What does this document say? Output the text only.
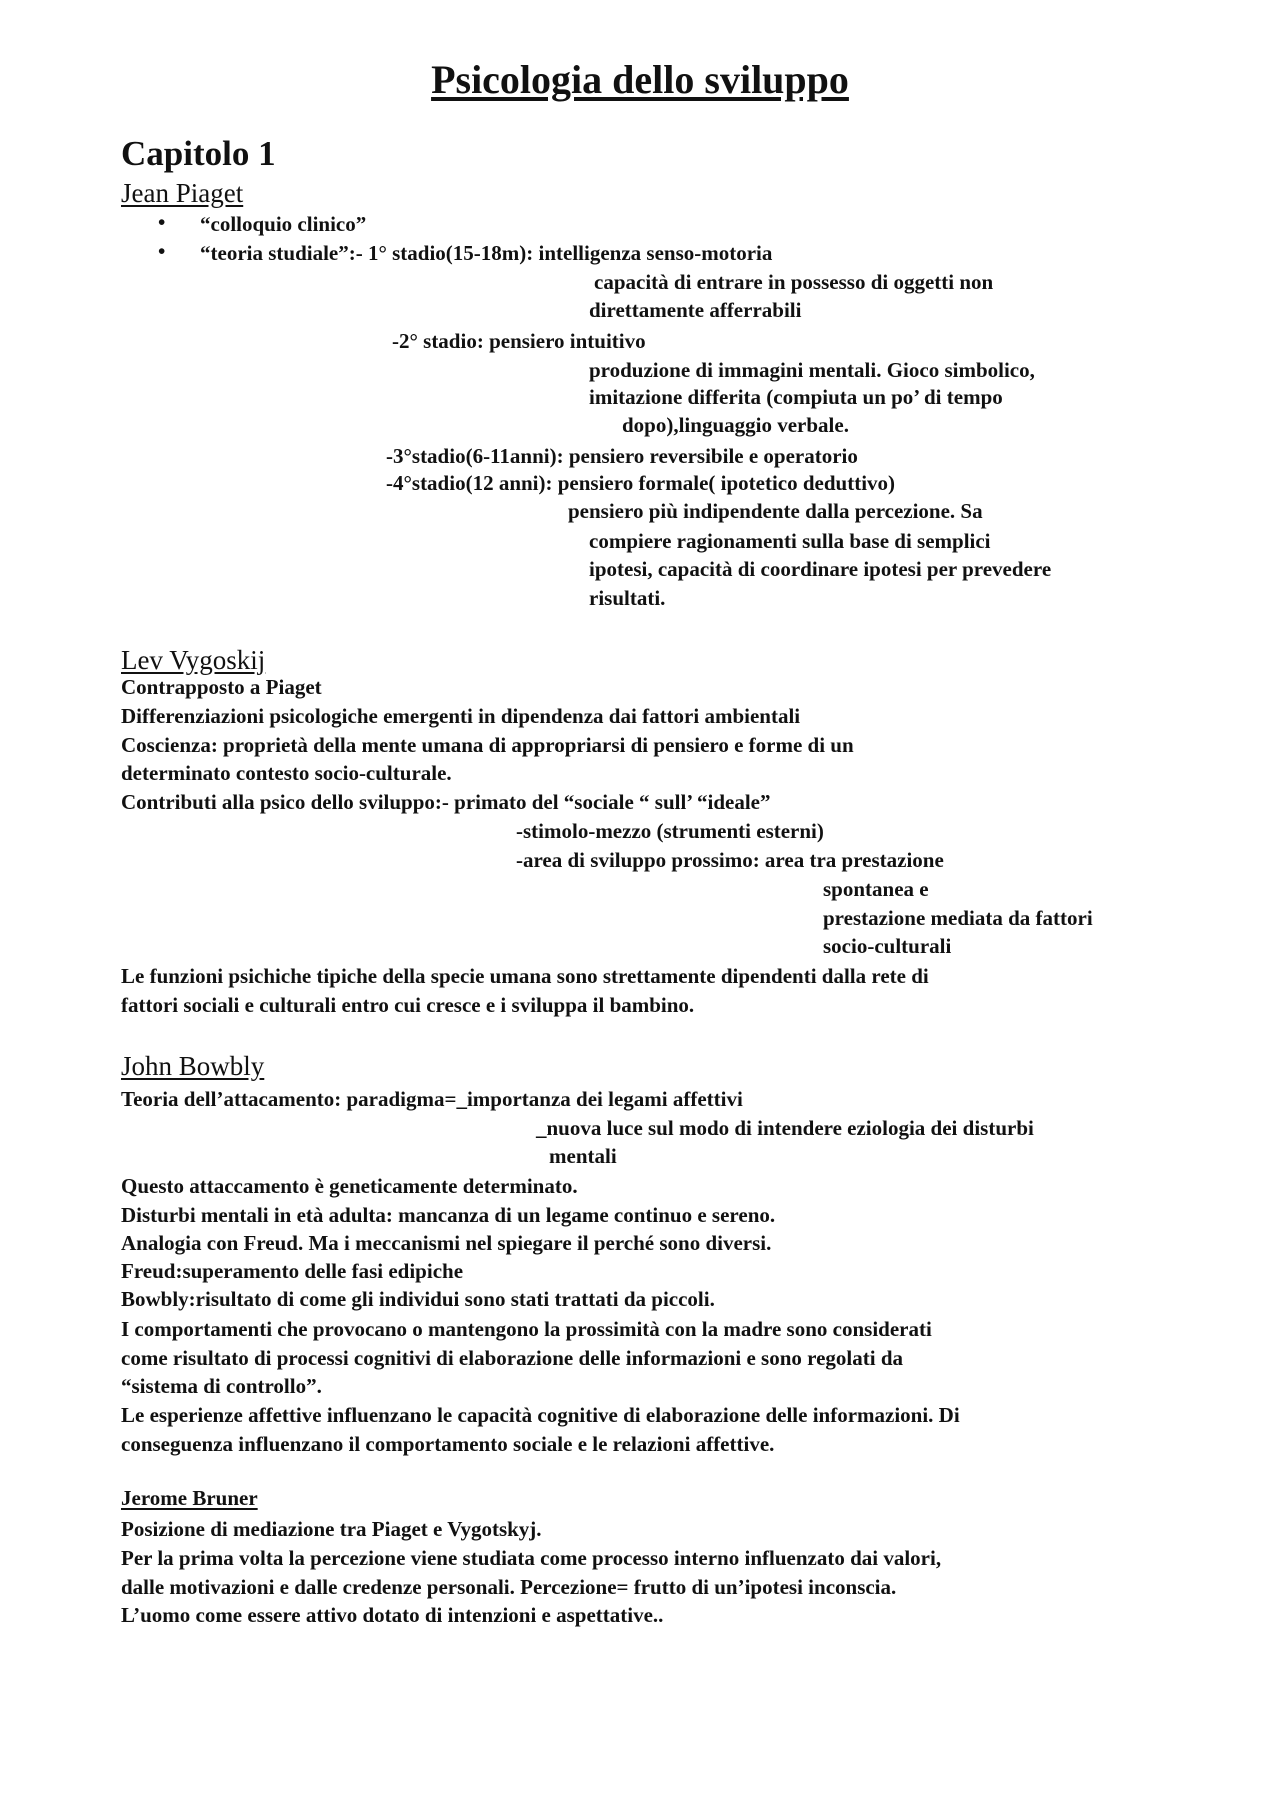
Psicologia dello sviluppo
Capitolo 1
Jean Piaget
• “colloquio clinico”
• “teoria studiale”:- 1° stadio(15-18m): intelligenza senso-motoria
capacità di entrare in possesso di oggetti non
direttamente afferrabili
-2° stadio: pensiero intuitivo
produzione di immagini mentali. Gioco simbolico,
imitazione differita (compiuta un po’ di tempo
dopo),linguaggio verbale.
-3°stadio(6-11anni): pensiero reversibile e operatorio
-4°stadio(12 anni): pensiero formale( ipotetico deduttivo)
pensiero più indipendente dalla percezione. Sa
compiere ragionamenti sulla base di semplici
ipotesi, capacità di coordinare ipotesi per prevedere
risultati.
Lev Vygoskij
Contrapposto a Piaget
Differenziazioni psicologiche emergenti in dipendenza dai fattori ambientali
Coscienza: proprietà della mente umana di appropriarsi di pensiero e forme di un
determinato contesto socio-culturale.
Contributi alla psico dello sviluppo:- primato del “sociale “ sull’ “ideale”
-stimolo-mezzo (strumenti esterni)
-area di sviluppo prossimo: area tra prestazione
spontanea e
prestazione mediata da fattori
socio-culturali
Le funzioni psichiche tipiche della specie umana sono strettamente dipendenti dalla rete di
fattori sociali e culturali entro cui cresce e i sviluppa il bambino.
John Bowbly
Teoria dell’attacamento: paradigma=_importanza dei legami affettivi
_nuova luce sul modo di intendere eziologia dei disturbi
mentali
Questo attaccamento è geneticamente determinato.
Disturbi mentali in età adulta: mancanza di un legame continuo e sereno.
Analogia con Freud. Ma i meccanismi nel spiegare il perché sono diversi.
Freud:superamento delle fasi edipiche
Bowbly:risultato di come gli individui sono stati trattati da piccoli.
I comportamenti che provocano o mantengono la prossimità con la madre sono considerati
come risultato di processi cognitivi di elaborazione delle informazioni e sono regolati da
“sistema di controllo”.
Le esperienze affettive influenzano le capacità cognitive di elaborazione delle informazioni. Di
conseguenza influenzano il comportamento sociale e le relazioni affettive.
Jerome Bruner
Posizione di mediazione tra Piaget e Vygotskyj.
Per la prima volta la percezione viene studiata come processo interno influenzato dai valori,
dalle motivazioni e dalle credenze personali. Percezione= frutto di un’ipotesi inconscia.
L’uomo come essere attivo dotato di intenzioni e aspettative..
